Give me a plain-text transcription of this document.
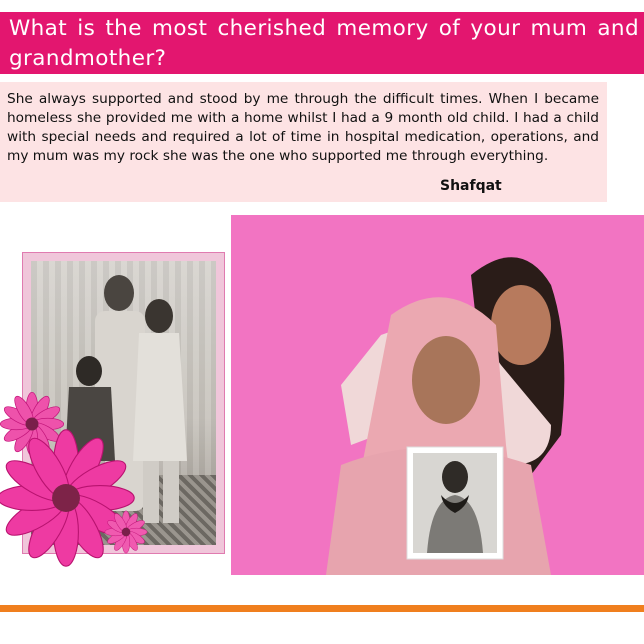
What is the most cherished memory of your mum and grandmother?
She always supported and stood by me through the difficult times. When I became homeless she provided me with a home whilst I had a 9 month old child. I had a child with special needs and required a lot of time in hospital medication, operations, and my mum was my rock she was the one who supported me through everything.
Shafqat
